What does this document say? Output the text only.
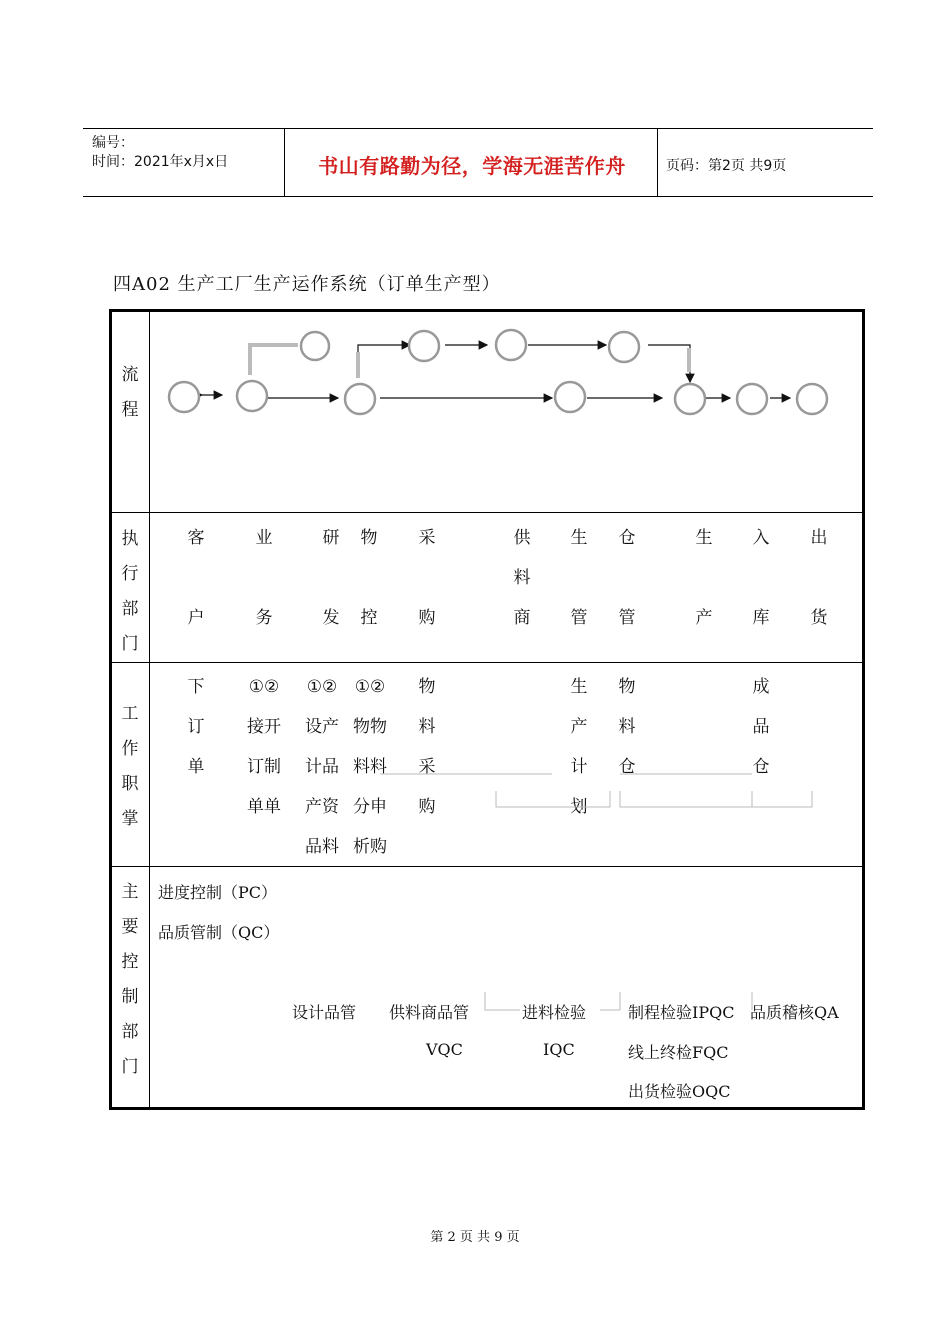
编号：
时间：2021年x月x日	书山有路勤为径，学海无涯苦作舟	页码：第2页 共9页
四A02 生产工厂生产运作系统（订单生产型）
流程
执行部门
工作职掌
主要控制部门
客
户
业
务
研
发
物
控
采
购
供
料
商
生
管
仓
管
生
产
入
库
出
货
下
订
单
①②
接开
订制
单单
①②
设产
计品
产资
品料
①②
物物
料料
分申
析购
物
料
采
购
生
产
计
划
物
料
仓
成
品
仓
进度控制（PC）
品质管制（QC）
设计品管 供料商品管
VQC
进料检验
IQC
制程检验IPQC
线上终检FQC
出货检验OQC
品质稽核QA
第 2 页 共 9 页
